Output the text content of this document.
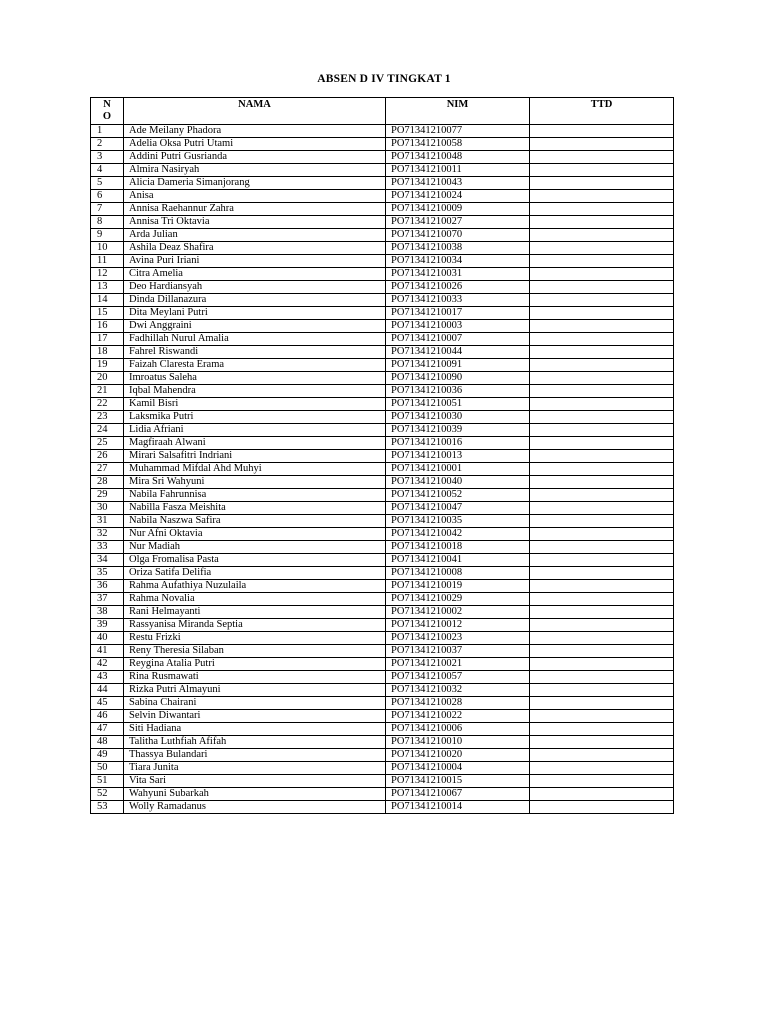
ABSEN D IV TINGKAT 1
N
O	NAMA	NIM	TTD
1	Ade Meilany Phadora	PO71341210077	
2	Adelia Oksa Putri Utami	PO71341210058	
3	Addini Putri Gusrianda	PO71341210048	
4	Almira Nasiryah	PO71341210011	
5	Alicia Dameria Simanjorang	PO71341210043	
6	Anisa	PO71341210024	
7	Annisa Raehannur Zahra	PO71341210009	
8	Annisa Tri Oktavia	PO71341210027	
9	Arda Julian	PO71341210070	
10	Ashila Deaz Shafira	PO71341210038	
11	Avina Puri Iriani	PO71341210034	
12	Citra Amelia	PO71341210031	
13	Deo Hardiansyah	PO71341210026	
14	Dinda Dillanazura	PO71341210033	
15	Dita Meylani Putri	PO71341210017	
16	Dwi Anggraini	PO71341210003	
17	Fadhillah Nurul Amalia	PO71341210007	
18	Fahrel Riswandi	PO71341210044	
19	Faizah Claresta Erama	PO71341210091	
20	Imroatus Saleha	PO71341210090	
21	Iqbal Mahendra	PO71341210036	
22	Kamil Bisri	PO71341210051	
23	Laksmika Putri	PO71341210030	
24	Lidia Afriani	PO71341210039	
25	Magfiraah Alwani	PO71341210016	
26	Mirari Salsafitri Indriani	PO71341210013	
27	Muhammad Mifdal Ahd Muhyi	PO71341210001	
28	Mira Sri Wahyuni	PO71341210040	
29	Nabila Fahrunnisa	PO71341210052	
30	Nabilla Fasza Meishita	PO71341210047	
31	Nabila Naszwa Safira	PO71341210035	
32	Nur Afni Oktavia	PO71341210042	
33	Nur Madiah	PO71341210018	
34	Olga Fromalisa Pasta	PO71341210041	
35	Oriza Satifa Delifia	PO71341210008	
36	Rahma Aufathiya Nuzulaila	PO71341210019	
37	Rahma Novalia	PO71341210029	
38	Rani Helmayanti	PO71341210002	
39	Rassyanisa Miranda Septia	PO71341210012	
40	Restu Frizki	PO71341210023	
41	Reny Theresia Silaban	PO71341210037	
42	Reygina Atalia Putri	PO71341210021	
43	Rina Rusmawati	PO71341210057	
44	Rizka Putri Almayuni	PO71341210032	
45	Sabina Chairani	PO71341210028	
46	Selvin Diwantari	PO71341210022	
47	Siti Hadiana	PO71341210006	
48	Talitha Luthfiah Afifah	PO71341210010	
49	Thassya Bulandari	PO71341210020	
50	Tiara Junita	PO71341210004	
51	Vita Sari	PO71341210015	
52	Wahyuni Subarkah	PO71341210067	
53	Wolly Ramadanus	PO71341210014	
